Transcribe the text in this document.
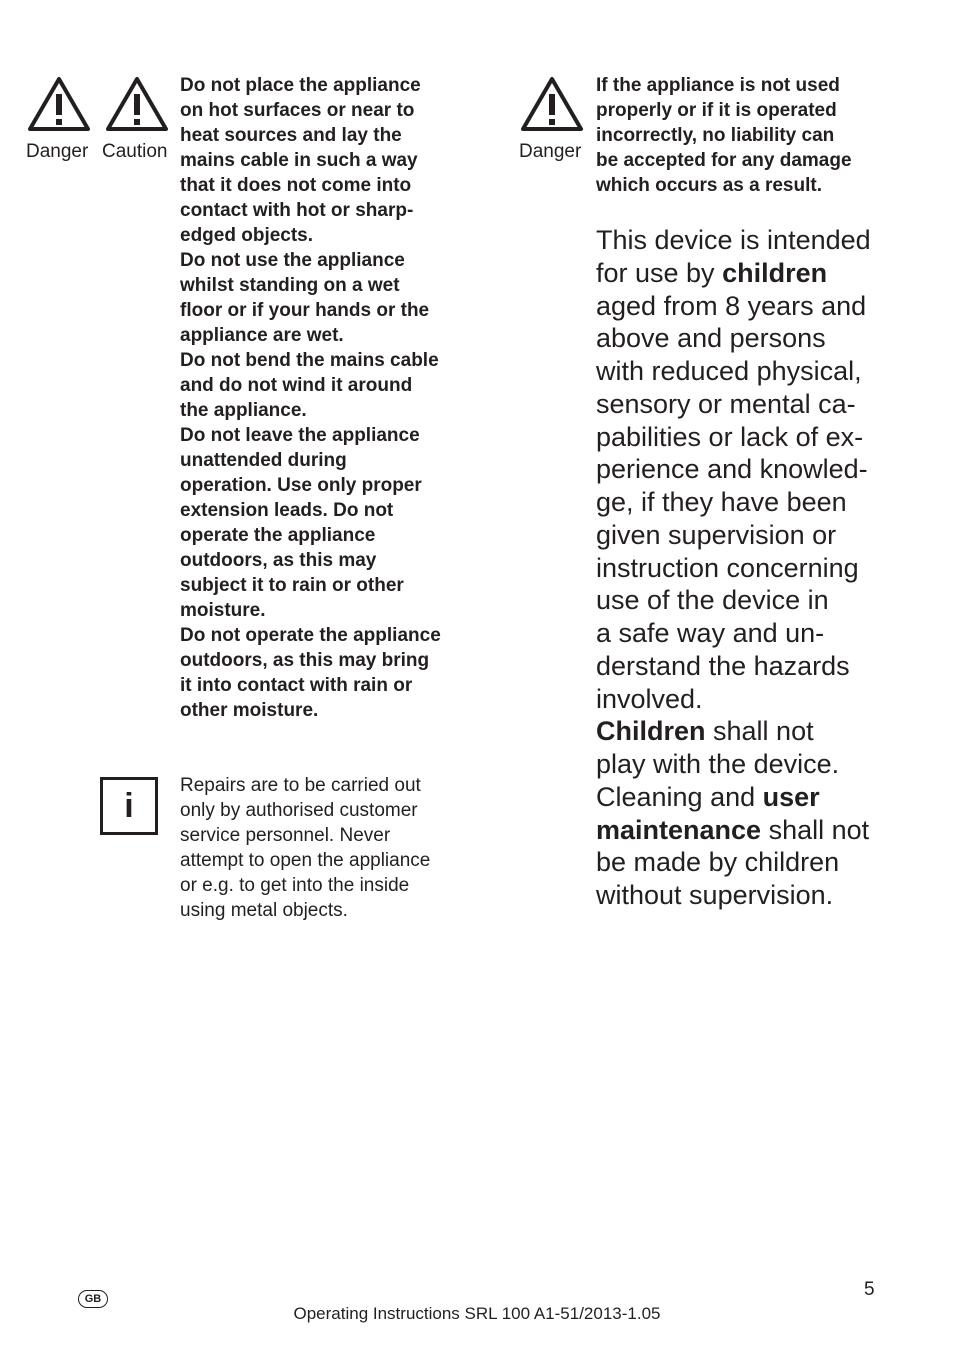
Danger Caution
Do not place the appliance
on hot surfaces or near to
heat sources and lay the
mains cable in such a way
that it does not come into
contact with hot or sharp-
edged objects.
Do not use the appliance
whilst standing on a wet
floor or if your hands or the
appliance are wet.
Do not bend the mains cable
and do not wind it around
the appliance.
Do not leave the appliance
unattended during
operation. Use only proper
extension leads. Do not
operate the appliance
outdoors, as this may
subject it to rain or other
moisture.
Do not operate the appliance
outdoors, as this may bring
it into contact with rain or
other moisture.
i
Repairs are to be carried out
only by authorised customer
service personnel. Never
attempt to open the appliance
or e.g. to get into the inside
using metal objects.
Danger
If the appliance is not used
properly or if it is operated
incorrectly, no liability can
be accepted for any damage
which occurs as a result.
This device is intended
for use by children
aged from 8 years and
above and persons
with reduced physical,
sensory or mental ca-
pabilities or lack of ex-
perience and knowled-
ge, if they have been
given supervision or
instruction concerning
use of the device in
a safe way and un-
derstand the hazards
involved.
Children shall not
play with the device.
Cleaning and user
maintenance shall not
be made by children
without supervision.
5
GB
Operating Instructions SRL 100 A1-51/2013-1.05
